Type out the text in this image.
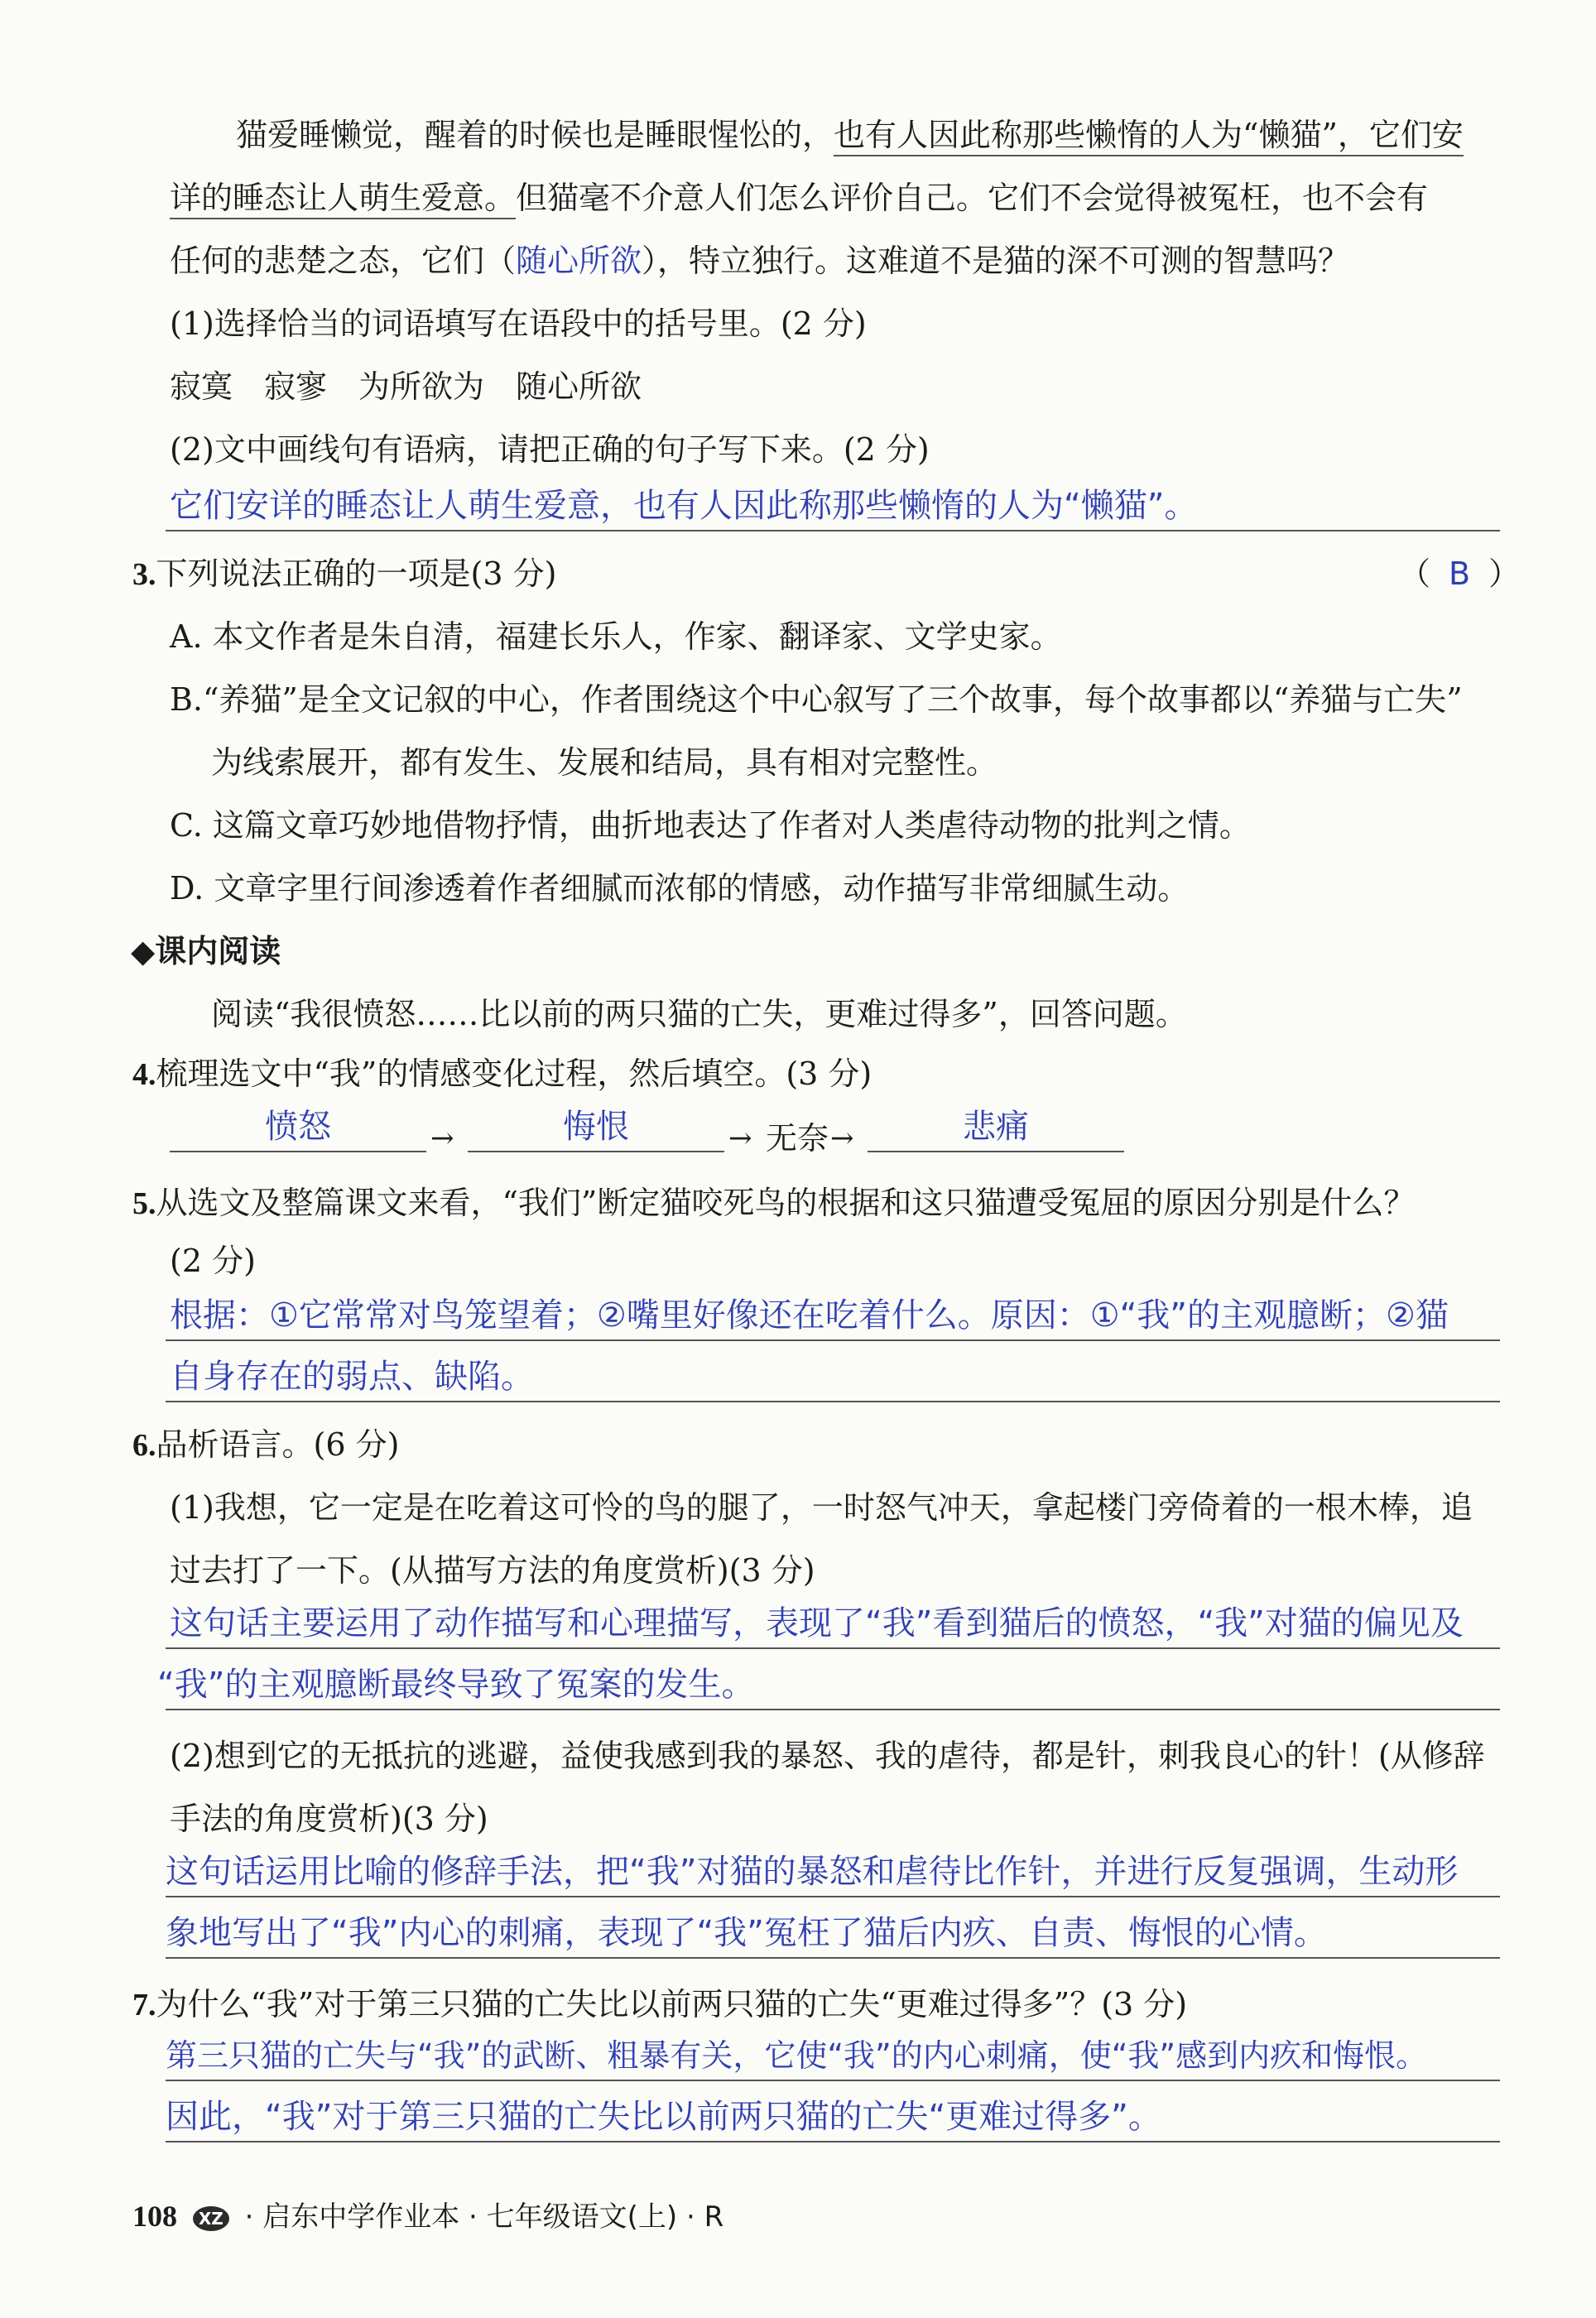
猫爱睡懒觉，醒着的时候也是睡眼惺忪的，也有人因此称那些懒惰的人为“懒猫”，它们安
详的睡态让人萌生爱意。但猫毫不介意人们怎么评价自己。它们不会觉得被冤枉，也不会有
任何的悲楚之态，它们（随心所欲），特立独行。这难道不是猫的深不可测的智慧吗？
(1)选择恰当的词语填写在语段中的括号里。(2 分)
寂寞　寂寥　为所欲为　随心所欲
(2)文中画线句有语病，请把正确的句子写下来。(2 分)
它们安详的睡态让人萌生爱意，也有人因此称那些懒惰的人为“懒猫”。
3.下列说法正确的一项是(3 分)	（ B ）
A. 本文作者是朱自清，福建长乐人，作家、翻译家、文学史家。
B.“养猫”是全文记叙的中心，作者围绕这个中心叙写了三个故事，每个故事都以“养猫与亡失”
为线索展开，都有发生、发展和结局，具有相对完整性。
C. 这篇文章巧妙地借物抒情，曲折地表达了作者对人类虐待动物的批判之情。
D. 文章字里行间渗透着作者细腻而浓郁的情感，动作描写非常细腻生动。
◆课内阅读
阅读“我很愤怒……比以前的两只猫的亡失，更难过得多”，回答问题。
4.梳理选文中“我”的情感变化过程，然后填空。(3 分)
愤怒	→	悔恨	→ 无奈 →	悲痛
5.从选文及整篇课文来看，“我们”断定猫咬死鸟的根据和这只猫遭受冤屈的原因分别是什么？
(2 分)
根据：①它常常对鸟笼望着；②嘴里好像还在吃着什么。原因：①“我”的主观臆断；②猫
自身存在的弱点、缺陷。
6.品析语言。(6 分)
(1)我想，它一定是在吃着这可怜的鸟的腿了，一时怒气冲天，拿起楼门旁倚着的一根木棒，追
过去打了一下。(从描写方法的角度赏析)(3 分)
这句话主要运用了动作描写和心理描写，表现了“我”看到猫后的愤怒，“我”对猫的偏见及
“我”的主观臆断最终导致了冤案的发生。
(2)想到它的无抵抗的逃避，益使我感到我的暴怒、我的虐待，都是针，刺我良心的针！(从修辞
手法的角度赏析)(3 分)
这句话运用比喻的修辞手法，把“我”对猫的暴怒和虐待比作针，并进行反复强调，生动形
象地写出了“我”内心的刺痛，表现了“我”冤枉了猫后内疚、自责、悔恨的心情。
7.为什么“我”对于第三只猫的亡失比以前两只猫的亡失“更难过得多”？(3 分)
第三只猫的亡失与“我”的武断、粗暴有关，它使“我”的内心刺痛，使“我”感到内疚和悔恨。
因此，“我”对于第三只猫的亡失比以前两只猫的亡失“更难过得多”。
108 XZ · 启东中学作业本 · 七年级语文(上) · R
